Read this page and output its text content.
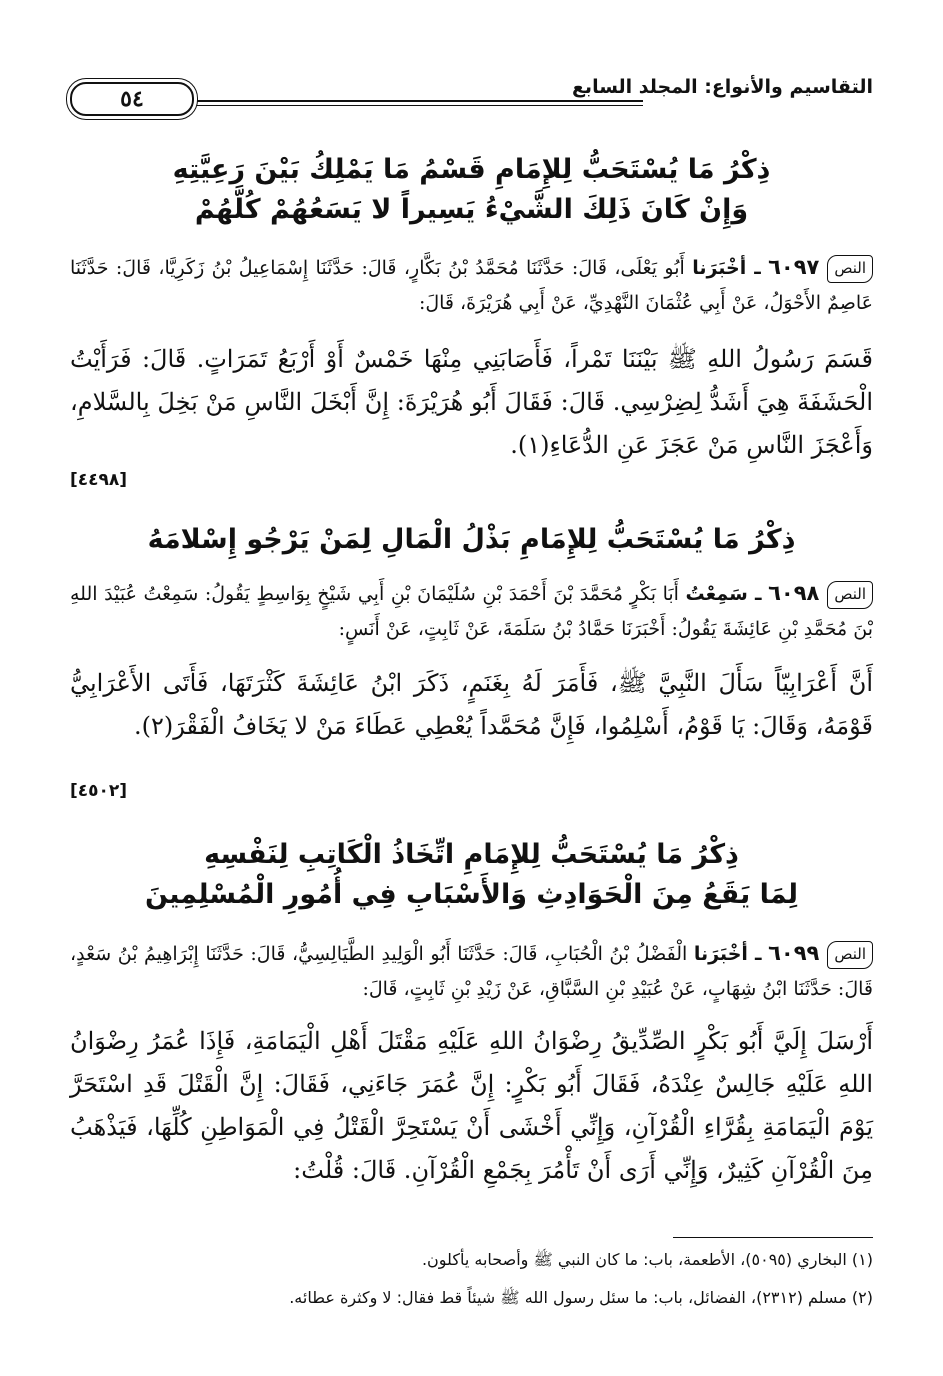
التقاسيم والأنواع: المجلد السابع
٥٤
ذِكْرُ مَا يُسْتَحَبُّ لِلإِمَامِ قَسْمُ مَا يَمْلِكُ بَيْنَ رَعِيَّتِهِ
وَإِنْ كَانَ ذَلِكَ الشَّيْءُ يَسِيراً لا يَسَعُهُمْ كُلَّهُمْ
النص٦٠٩٧ ـ أخْبَرَنا أَبُو يَعْلَى، قَالَ: حَدَّثَنَا مُحَمَّدُ بْنُ بَكَّارٍ، قَالَ: حَدَّثَنَا إِسْمَاعِيلُ بْنُ زَكَرِيَّا، قَالَ: حَدَّثَنَا عَاصِمٌ الأَحْوَلُ، عَنْ أَبِي عُثْمَانَ النَّهْدِيِّ، عَنْ أَبِي هُرَيْرَةَ، قَالَ:
قَسَمَ رَسُولُ اللهِ ﷺ بَيْنَنَا تَمْراً، فَأَصَابَنِي مِنْهَا خَمْسٌ أَوْ أَرْبَعُ تَمَرَاتٍ. قَالَ: فَرَأَيْتُ الْحَشَفَةَ هِيَ أَشَدُّ لِضِرْسِي. قَالَ: فَقَالَ أَبُو هُرَيْرَةَ: إِنَّ أَبْخَلَ النَّاسِ مَنْ بَخِلَ بِالسَّلامِ، وَأَعْجَزَ النَّاسِ مَنْ عَجَزَ عَنِ الدُّعَاءِ(١).
[٤٤٩٨]
ذِكْرُ مَا يُسْتَحَبُّ لِلإِمَامِ بَذْلُ الْمَالِ لِمَنْ يَرْجُو إِسْلامَهُ
النص٦٠٩٨ ـ سَمِعْتُ أَبَا بَكْرٍ مُحَمَّدَ بْنَ أَحْمَدَ بْنِ سُلَيْمَانَ بْنِ أَبِي شَيْخٍ بِوَاسِطٍ يَقُولُ: سَمِعْتُ عُبَيْدَ اللهِ بْنَ مُحَمَّدِ بْنِ عَائِشَةَ يَقُولُ: أَخْبَرَنَا حَمَّادُ بْنُ سَلَمَةَ، عَنْ ثَابِتٍ، عَنْ أَنَسٍ:
أَنَّ أَعْرَابِيّاً سَأَلَ النَّبِيَّ ﷺ، فَأَمَرَ لَهُ بِغَنَمٍ، ذَكَرَ ابْنُ عَائِشَةَ كَثْرَتَهَا، فَأَتَى الأَعْرَابِيُّ قَوْمَهُ، وَقَالَ: يَا قَوْمُ، أَسْلِمُوا، فَإِنَّ مُحَمَّداً يُعْطِي عَطَاءَ مَنْ لا يَخَافُ الْفَقْرَ(٢).
[٤٥٠٢]
ذِكْرُ مَا يُسْتَحَبُّ لِلإِمَامِ اتِّخَاذُ الْكَاتِبِ لِنَفْسِهِ
لِمَا يَقَعُ مِنَ الْحَوَادِثِ وَالأَسْبَابِ فِي أُمُورِ الْمُسْلِمِينَ
النص٦٠٩٩ ـ أخْبَرَنا الْفَضْلُ بْنُ الْحُبَابِ، قَالَ: حَدَّثَنَا أَبُو الْوَلِيدِ الطَّيَالِسِيُّ، قَالَ: حَدَّثَنَا إِبْرَاهِيمُ بْنُ سَعْدٍ، قَالَ: حَدَّثَنَا ابْنُ شِهَابٍ، عَنْ عُبَيْدِ بْنِ السَّبَّاقِ، عَنْ زَيْدِ بْنِ ثَابِتٍ، قَالَ:
أَرْسَلَ إِلَيَّ أَبُو بَكْرٍ الصِّدِّيقُ رِضْوَانُ اللهِ عَلَيْهِ مَقْتَلَ أَهْلِ الْيَمَامَةِ، فَإِذَا عُمَرُ رِضْوَانُ اللهِ عَلَيْهِ جَالِسٌ عِنْدَهُ، فَقَالَ أَبُو بَكْرٍ: إِنَّ عُمَرَ جَاءَنِي، فَقَالَ: إِنَّ الْقَتْلَ قَدِ اسْتَحَرَّ يَوْمَ الْيَمَامَةِ بِقُرَّاءِ الْقُرْآنِ، وَإِنِّي أَخْشَى أَنْ يَسْتَحِرَّ الْقَتْلُ فِي الْمَوَاطِنِ كُلِّهَا، فَيَذْهَبُ مِنَ الْقُرْآنِ كَثِيرٌ، وَإِنِّي أَرَى أَنْ تَأْمُرَ بِجَمْعِ الْقُرْآنِ. قَالَ: قُلْتُ:
(١) البخاري (٥٠٩٥)، الأطعمة، باب: ما كان النبي ﷺ وأصحابه يأكلون.
(٢) مسلم (٢٣١٢)، الفضائل، باب: ما سئل رسول الله ﷺ شيئاً قط فقال: لا وكثرة عطائه.
